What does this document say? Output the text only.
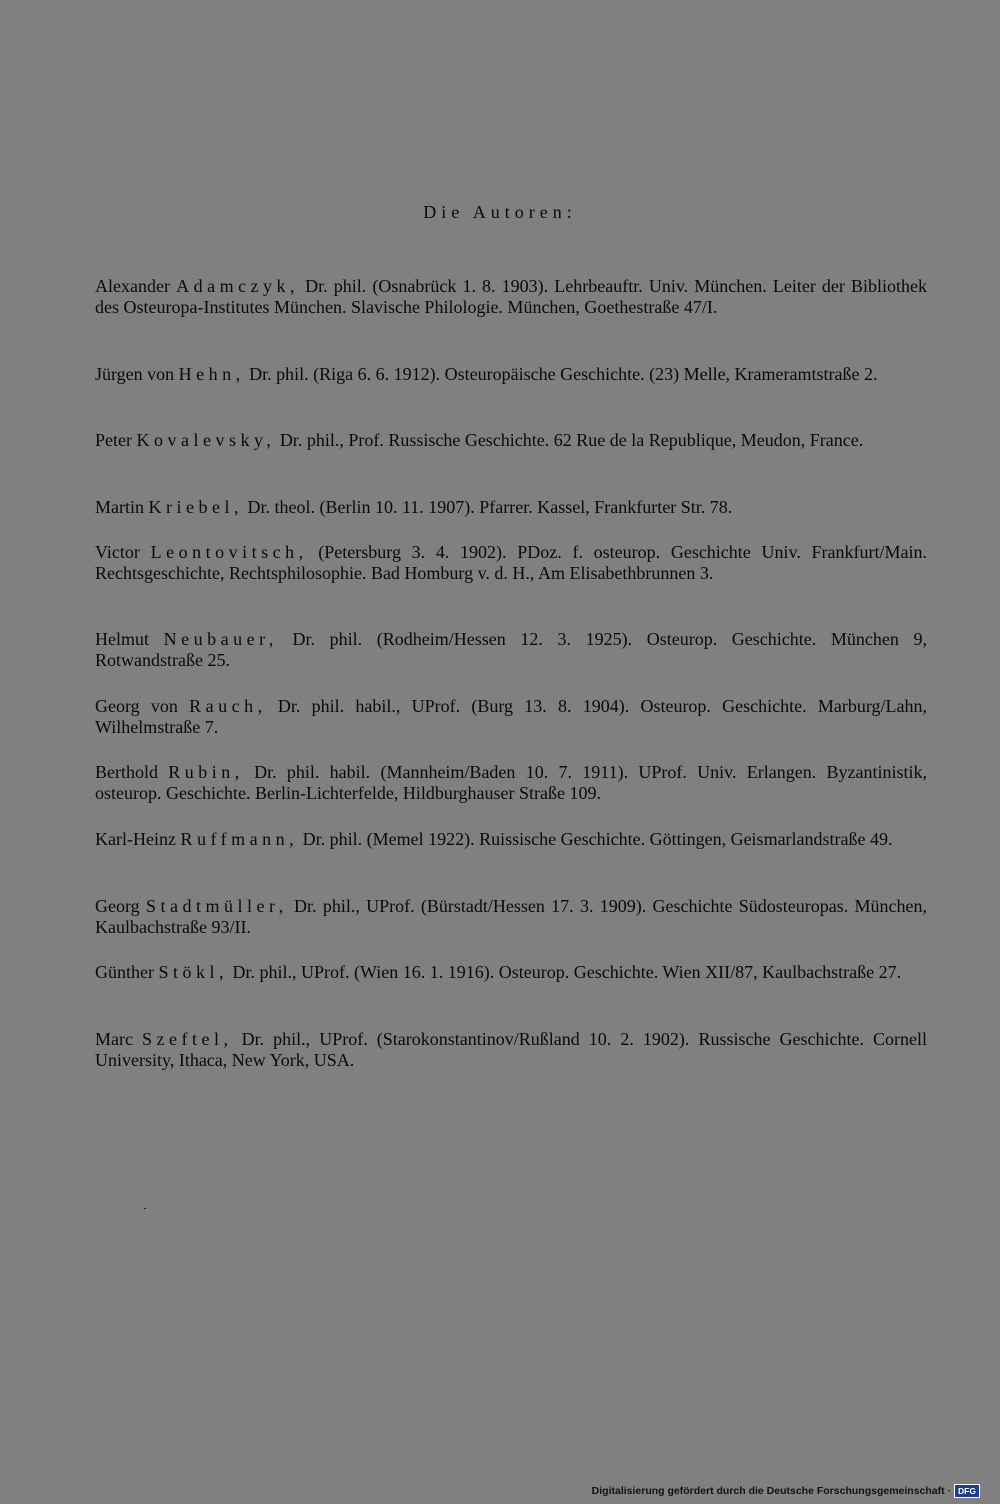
Die Autoren:

Alexander Adamczyk, Dr. phil. (Osnabrück 1. 8. 1903). Lehrbeauftr. Univ. München. Leiter der Bibliothek des Osteuropa-Institutes München. Slavische Philologie. München, Goethestraße 47/I.

Jürgen von Hehn, Dr. phil. (Riga 6. 6. 1912). Osteuropäische Geschichte. (23) Melle, Krameramtstraße 2.

Peter Kovalevsky, Dr. phil., Prof. Russische Geschichte. 62 Rue de la Republique, Meudon, France.

Martin Kriebel, Dr. theol. (Berlin 10. 11. 1907). Pfarrer. Kassel, Frankfurter Str. 78.

Victor Leontovitsch, (Petersburg 3. 4. 1902). PDoz. f. osteurop. Geschichte Univ. Frankfurt/Main. Rechtsgeschichte, Rechtsphilosophie. Bad Homburg v. d. H., Am Elisabethbrunnen 3.

Helmut Neubauer, Dr. phil. (Rodheim/Hessen 12. 3. 1925). Osteurop. Geschichte. München 9, Rotwandstraße 25.

Georg von Rauch, Dr. phil. habil., UProf. (Burg 13. 8. 1904). Osteurop. Geschichte. Marburg/Lahn, Wilhelmstraße 7.

Berthold Rubin, Dr. phil. habil. (Mannheim/Baden 10. 7. 1911). UProf. Univ. Erlangen. Byzantinistik, osteurop. Geschichte. Berlin-Lichterfelde, Hildburghauser Straße 109.

Karl-Heinz Ruffmann, Dr. phil. (Memel 1922). Ruissische Geschichte. Göttingen, Geismarlandstraße 49.

Georg Stadtmüller, Dr. phil., UProf. (Bürstadt/Hessen 17. 3. 1909). Geschichte Südosteuropas. München, Kaulbachstraße 93/II.

Günther Stökl, Dr. phil., UProf. (Wien 16. 1. 1916). Osteurop. Geschichte. Wien XII/87, Kaulbachstraße 27.

Marc Szeftel, Dr. phil., UProf. (Starokonstantinov/Rußland 10. 2. 1902). Russische Geschichte. Cornell University, Ithaca, New York, USA.

Digitalisierung gefördert durch die Deutsche Forschungsgemeinschaft · DFG
